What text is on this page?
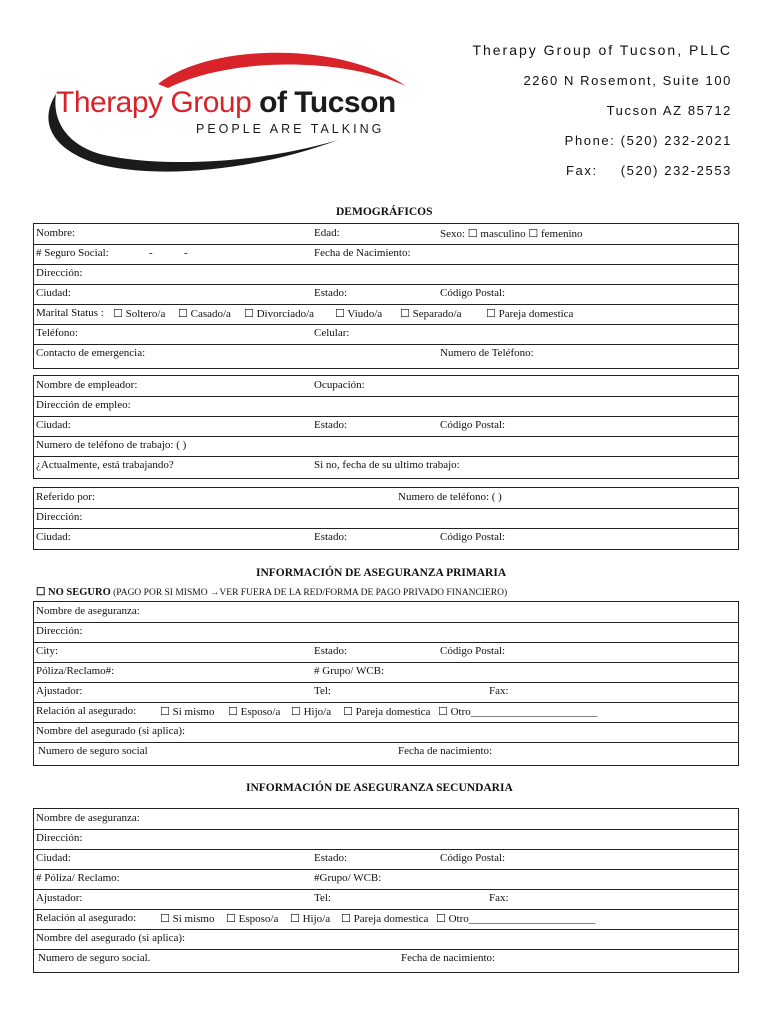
Therapy Group of Tucson
PEOPLE ARE TALKING
Therapy Group of Tucson, PLLC
2260 N Rosemont, Suite 100
Tucson AZ 85712
Phone: (520) 232-2021
Fax: (520) 232-2553
DEMOGRÁFICOS
Nombre:	Edad:	Sexo: ☐ masculino ☐ femenino
# Seguro Social:	-	-	Fecha de Nacimiento:
Dirección:
Ciudad:	Estado:	Código Postal:
Marital Status : ☐ Soltero/a ☐ Casado/a ☐ Divorciado/a ☐ Viudo/a ☐ Separado/a ☐ Pareja domestica
Teléfono:	Celular:
Contacto de emergencia:	Numero de Teléfono:
Nombre de empleador:	Ocupación:
Dirección de empleo:
Ciudad:	Estado:	Código Postal:
Numero de teléfono de trabajo: ( )
¿Actualmente, está trabajando?	Si no, fecha de su ultimo trabajo:
Referido por:	Numero de teléfono: ( )
Dirección:
Ciudad:	Estado:	Código Postal:
INFORMACIÓN DE ASEGURANZA PRIMARIA
☐ NO SEGURO (PAGO POR SI MISMO →VER FUERA DE LA RED/FORMA DE PAGO PRIVADO FINANCIERO)
Nombre de aseguranza:
Dirección:
City:	Estado:	Código Postal:
Póliza/Reclamo#:	# Grupo/ WCB:
Ajustador:	Tel:	Fax:
Relación al asegurado: ☐ Si mismo ☐ Esposo/a ☐ Hijo/a ☐ Pareja domestica ☐ Otro_______________________
Nombre del asegurado (si aplica):
Numero de seguro social	Fecha de nacimiento:
INFORMACIÓN DE ASEGURANZA SECUNDARIA
Nombre de aseguranza:
Dirección:
Ciudad:	Estado:	Código Postal:
# Póliza/ Reclamo:	#Grupo/ WCB:
Ajustador:	Tel:	Fax:
Relación al asegurado: ☐ Si mismo ☐ Esposo/a ☐ Hijo/a ☐ Pareja domestica ☐ Otro_______________________
Nombre del asegurado (si aplica):
Numero de seguro social.	Fecha de nacimiento:
